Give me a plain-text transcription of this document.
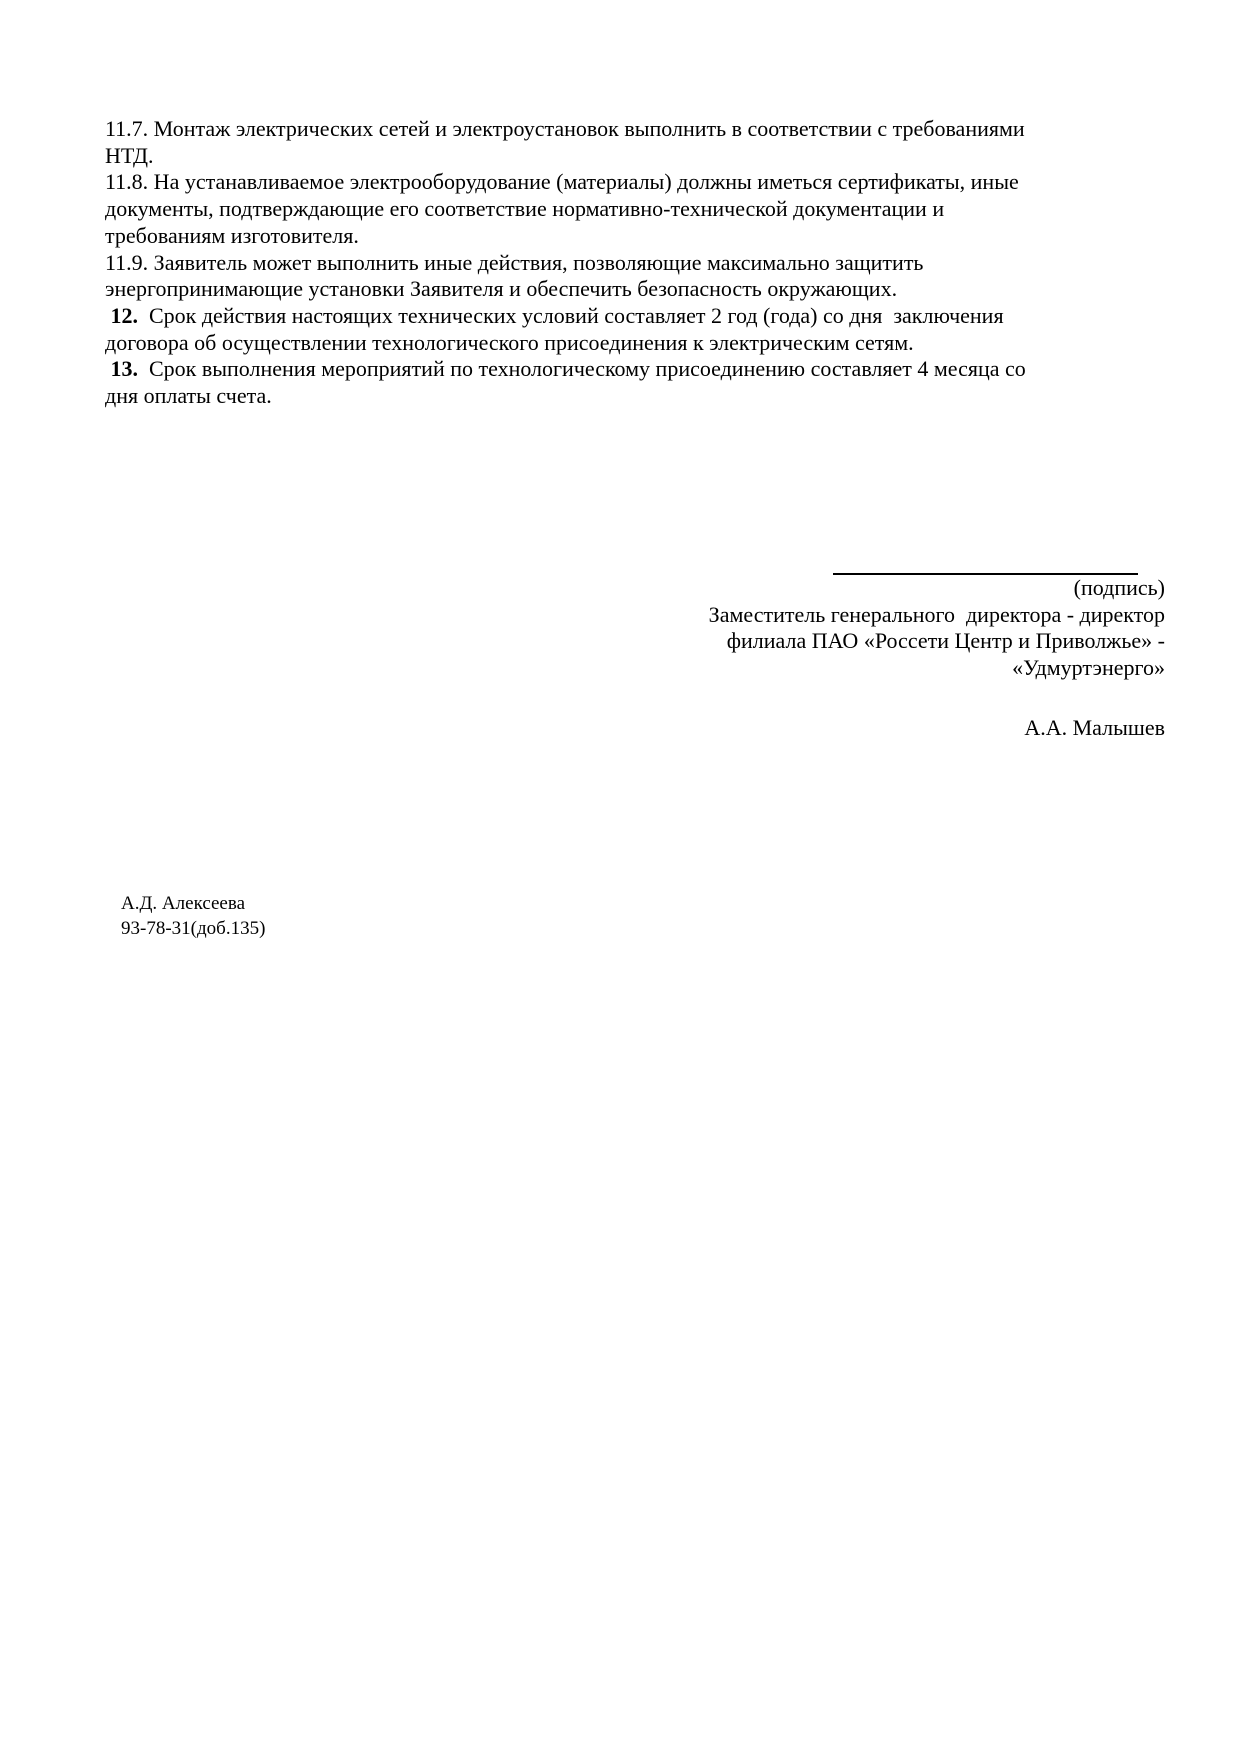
11.7. Монтаж электрических сетей и электроустановок выполнить в соответствии с требованиями
НТД.
11.8. На устанавливаемое электрооборудование (материалы) должны иметься сертификаты, иные
документы, подтверждающие его соответствие нормативно-технической документации и
требованиям изготовителя.
11.9. Заявитель может выполнить иные действия, позволяющие максимально защитить
энергопринимающие установки Заявителя и обеспечить безопасность окружающих.
12.  Срок действия настоящих технических условий составляет 2 год (года) со дня  заключения
договора об осуществлении технологического присоединения к электрическим сетям.
13.  Срок выполнения мероприятий по технологическому присоединению составляет 4 месяца со
дня оплаты счета.
(подпись)
Заместитель генерального  директора - директор
филиала ПАО «Россети Центр и Приволжье» -
«Удмуртэнерго»
А.А. Малышев
А.Д. Алексеева
93-78-31(доб.135)
